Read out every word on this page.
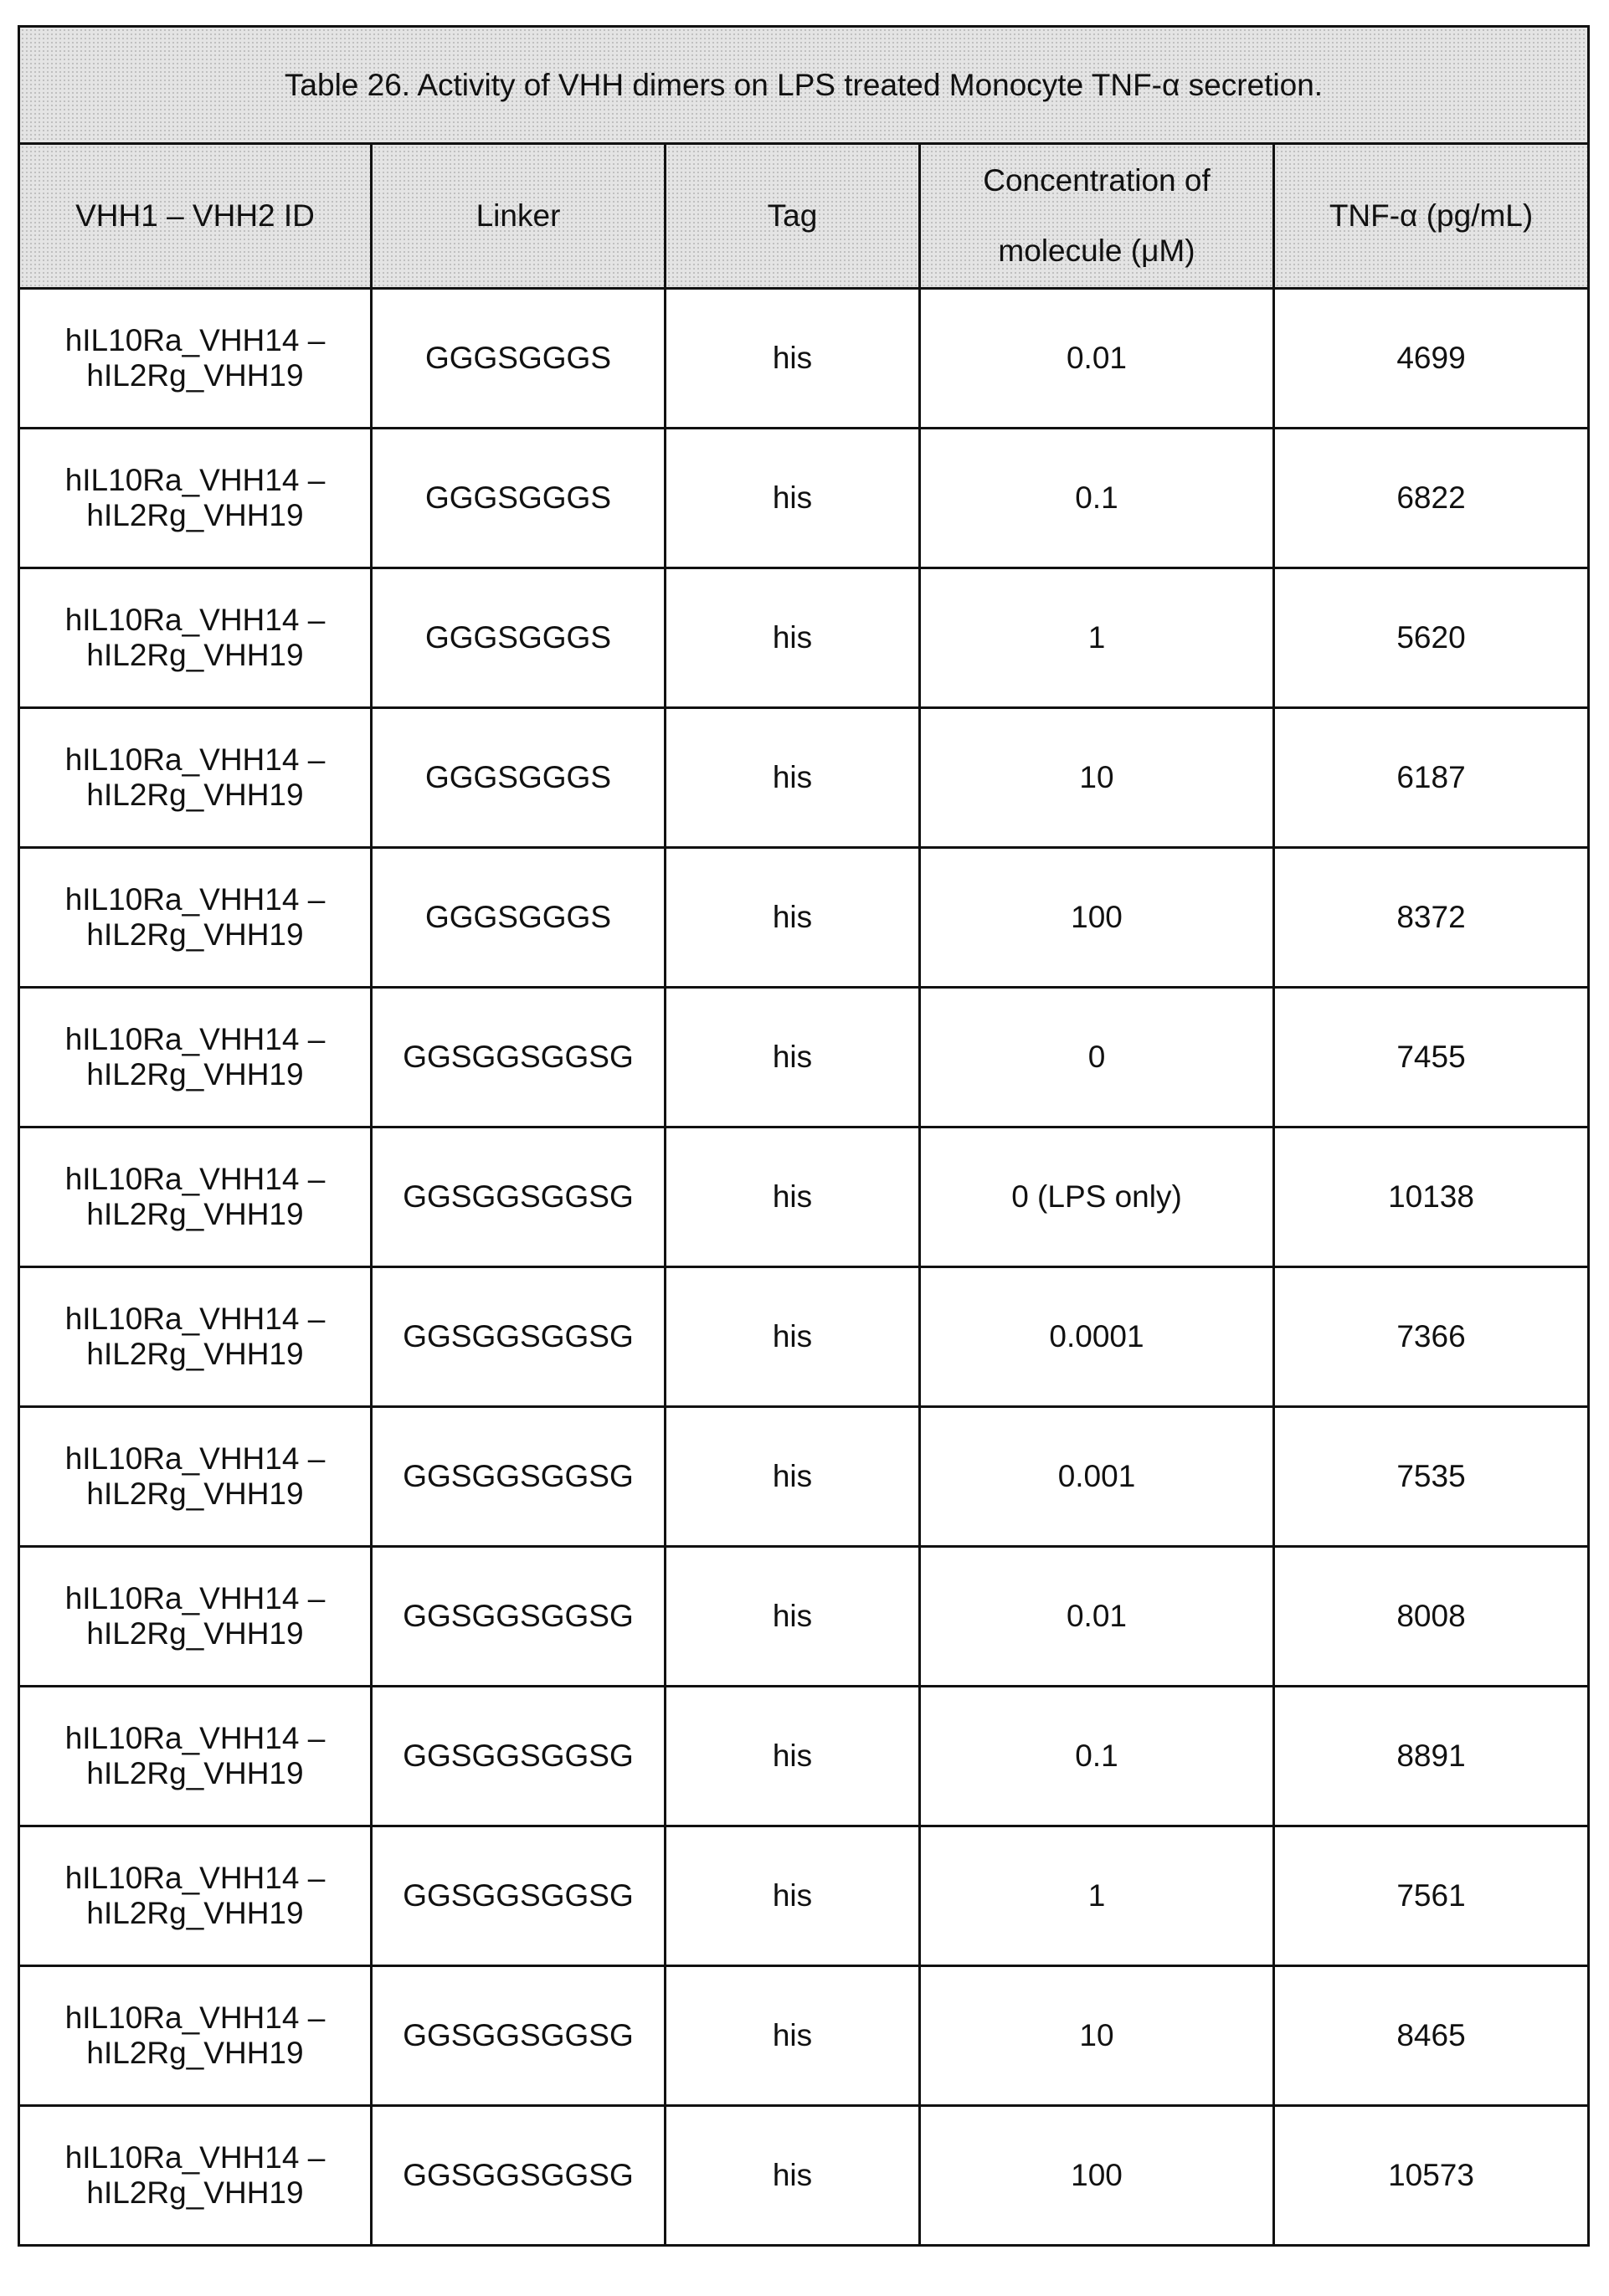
Table 26. Activity of VHH dimers on LPS treated Monocyte TNF-α secretion.
VHH1 – VHH2 ID	Linker	Tag	Concentration of
molecule (μM)	TNF-α (pg/mL)
hIL10Ra_VHH14 –
hIL2Rg_VHH19	GGGSGGGS	his	0.01	4699
hIL10Ra_VHH14 –
hIL2Rg_VHH19	GGGSGGGS	his	0.1	6822
hIL10Ra_VHH14 –
hIL2Rg_VHH19	GGGSGGGS	his	1	5620
hIL10Ra_VHH14 –
hIL2Rg_VHH19	GGGSGGGS	his	10	6187
hIL10Ra_VHH14 –
hIL2Rg_VHH19	GGGSGGGS	his	100	8372
hIL10Ra_VHH14 –
hIL2Rg_VHH19	GGSGGSGGSG	his	0	7455
hIL10Ra_VHH14 –
hIL2Rg_VHH19	GGSGGSGGSG	his	0 (LPS only)	10138
hIL10Ra_VHH14 –
hIL2Rg_VHH19	GGSGGSGGSG	his	0.0001	7366
hIL10Ra_VHH14 –
hIL2Rg_VHH19	GGSGGSGGSG	his	0.001	7535
hIL10Ra_VHH14 –
hIL2Rg_VHH19	GGSGGSGGSG	his	0.01	8008
hIL10Ra_VHH14 –
hIL2Rg_VHH19	GGSGGSGGSG	his	0.1	8891
hIL10Ra_VHH14 –
hIL2Rg_VHH19	GGSGGSGGSG	his	1	7561
hIL10Ra_VHH14 –
hIL2Rg_VHH19	GGSGGSGGSG	his	10	8465
hIL10Ra_VHH14 –
hIL2Rg_VHH19	GGSGGSGGSG	his	100	10573
